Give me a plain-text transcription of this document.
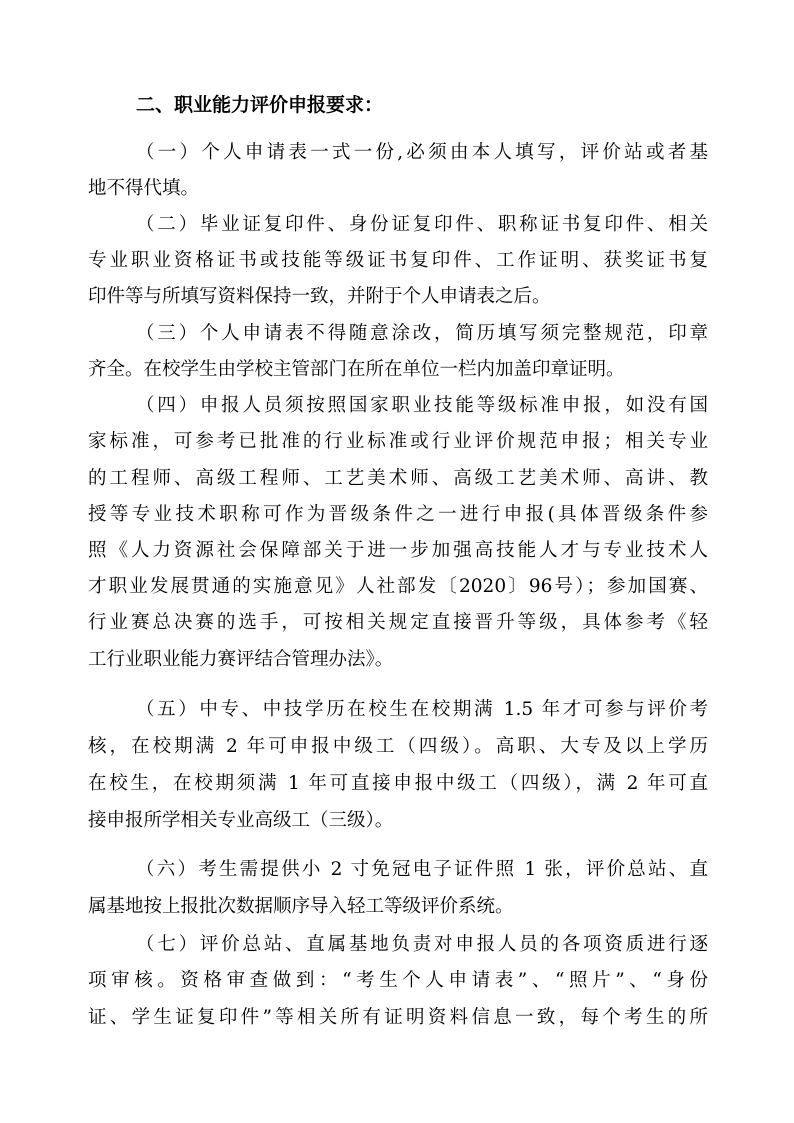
二、职业能力评价申报要求：
（一）个人申请表一式一份,必须由本人填写，评价站或者基
地不得代填。
（二）毕业证复印件、身份证复印件、职称证书复印件、相关
专业职业资格证书或技能等级证书复印件、工作证明、获奖证书复
印件等与所填写资料保持一致，并附于个人申请表之后。
（三）个人申请表不得随意涂改，简历填写须完整规范，印章
齐全。在校学生由学校主管部门在所在单位一栏内加盖印章证明。
（四）申报人员须按照国家职业技能等级标准申报，如没有国
家标准，可参考已批准的行业标准或行业评价规范申报；相关专业
的工程师、高级工程师、工艺美术师、高级工艺美术师、高讲、教
授等专业技术职称可作为晋级条件之一进行申报(具体晋级条件参
照《人力资源社会保障部关于进一步加强高技能人才与专业技术人
才职业发展贯通的实施意见》人社部发〔2020〕96号）；参加国赛、
行业赛总决赛的选手，可按相关规定直接晋升等级，具体参考《轻
工行业职业能力赛评结合管理办法》。
（五）中专、中技学历在校生在校期满 1.5 年才可参与评价考
核，在校期满 2 年可申报中级工（四级）。高职、大专及以上学历
在校生，在校期须满 1 年可直接申报中级工（四级），满 2 年可直
接申报所学相关专业高级工（三级）。
（六）考生需提供小 2 寸免冠电子证件照 1 张，评价总站、直
属基地按上报批次数据顺序导入轻工等级评价系统。
（七）评价总站、直属基地负责对申报人员的各项资质进行逐
项审核。资格审查做到：“考生个人申请表”、“照片”、“身份
证、学生证复印件”等相关所有证明资料信息一致，每个考生的所
